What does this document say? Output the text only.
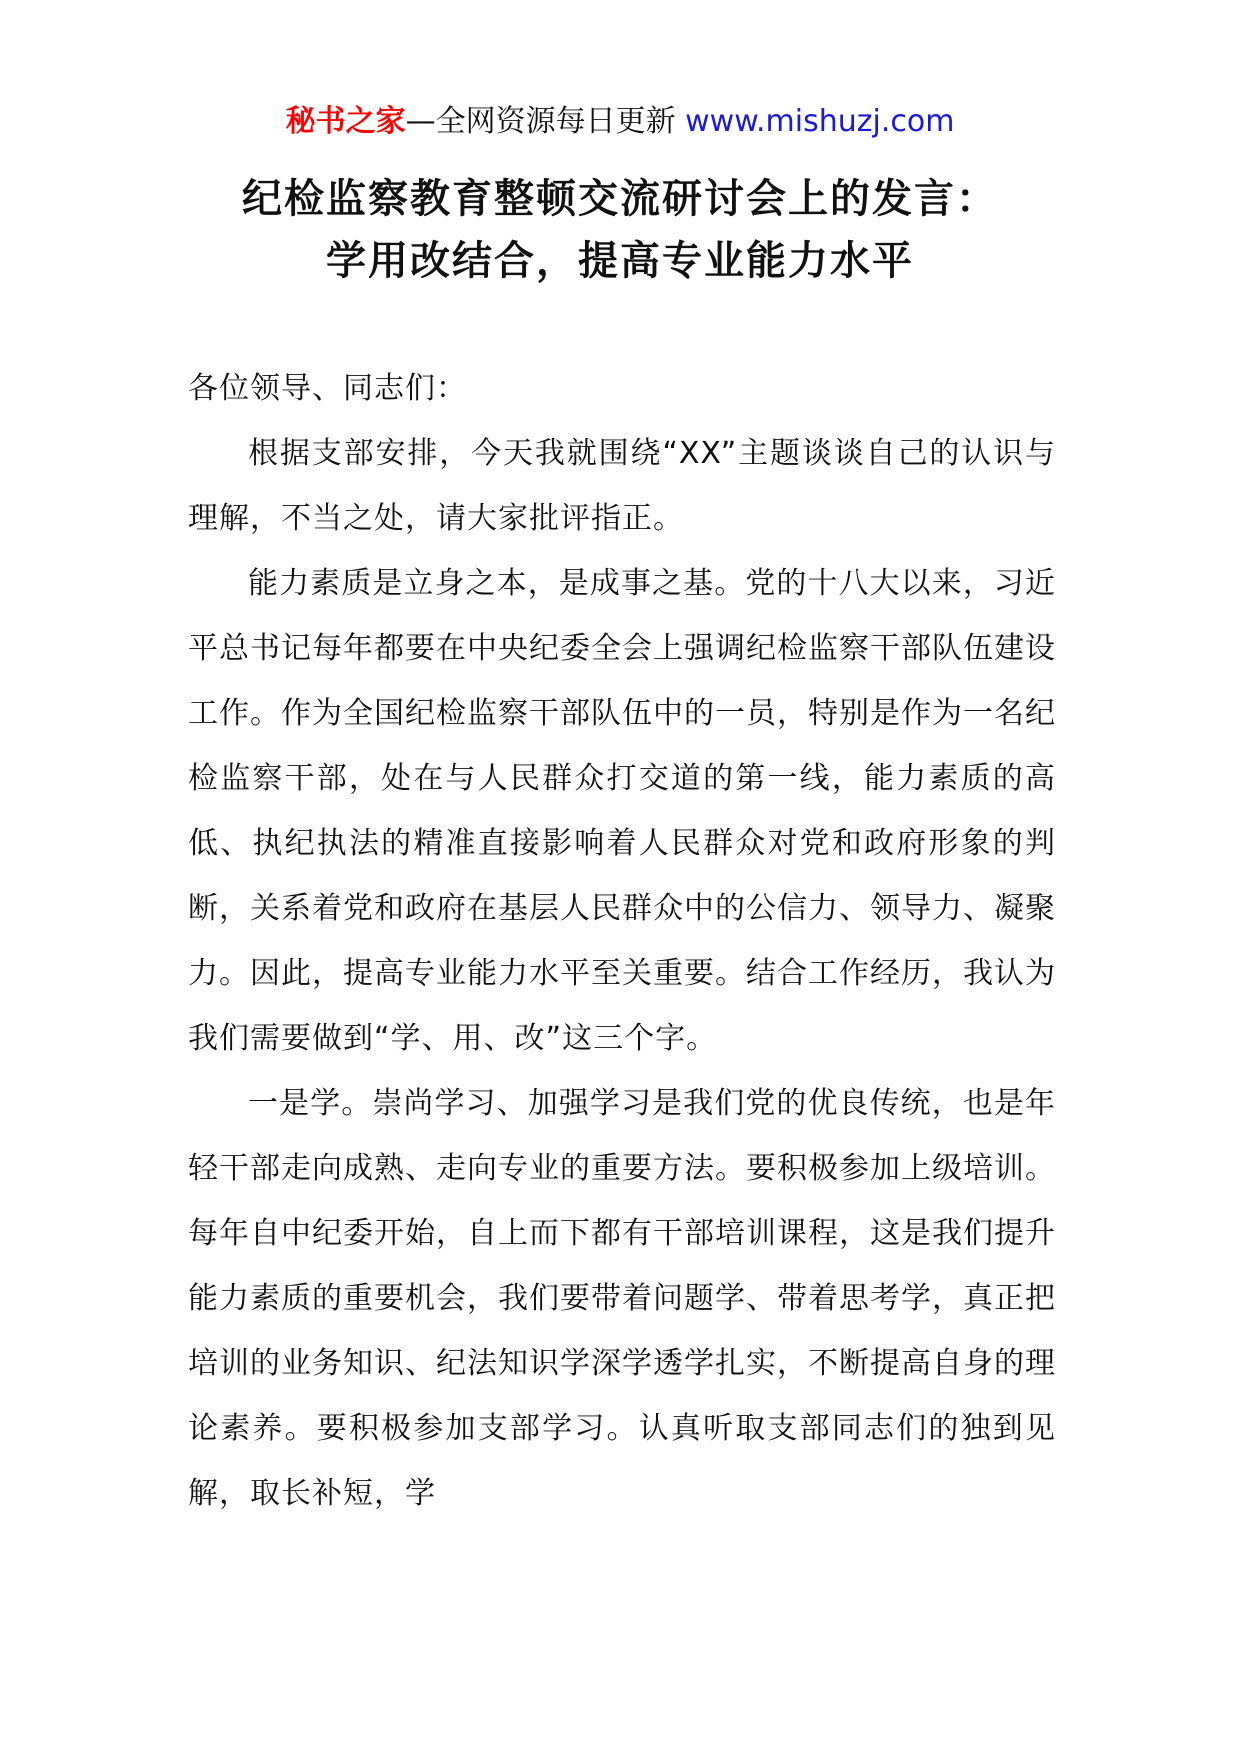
秘书之家—全网资源每日更新 www.mishuzj.com
纪检监察教育整顿交流研讨会上的发言：
学用改结合，提高专业能力水平

各位领导、同志们：

根据支部安排，今天我就围绕“XX”主题谈谈自己的认识与理解，不当之处，请大家批评指正。

能力素质是立身之本，是成事之基。党的十八大以来，习近平总书记每年都要在中央纪委全会上强调纪检监察干部队伍建设工作。作为全国纪检监察干部队伍中的一员，特别是作为一名纪检监察干部，处在与人民群众打交道的第一线，能力素质的高低、执纪执法的精准直接影响着人民群众对党和政府形象的判断，关系着党和政府在基层人民群众中的公信力、领导力、凝聚力。因此，提高专业能力水平至关重要。结合工作经历，我认为我们需要做到“学、用、改”这三个字。

一是学。崇尚学习、加强学习是我们党的优良传统，也是年轻干部走向成熟、走向专业的重要方法。要积极参加上级培训。每年自中纪委开始，自上而下都有干部培训课程，这是我们提升能力素质的重要机会，我们要带着问题学、带着思考学，真正把培训的业务知识、纪法知识学深学透学扎实，不断提高自身的理论素养。要积极参加支部学习。认真听取支部同志们的独到见解，取长补短，学
